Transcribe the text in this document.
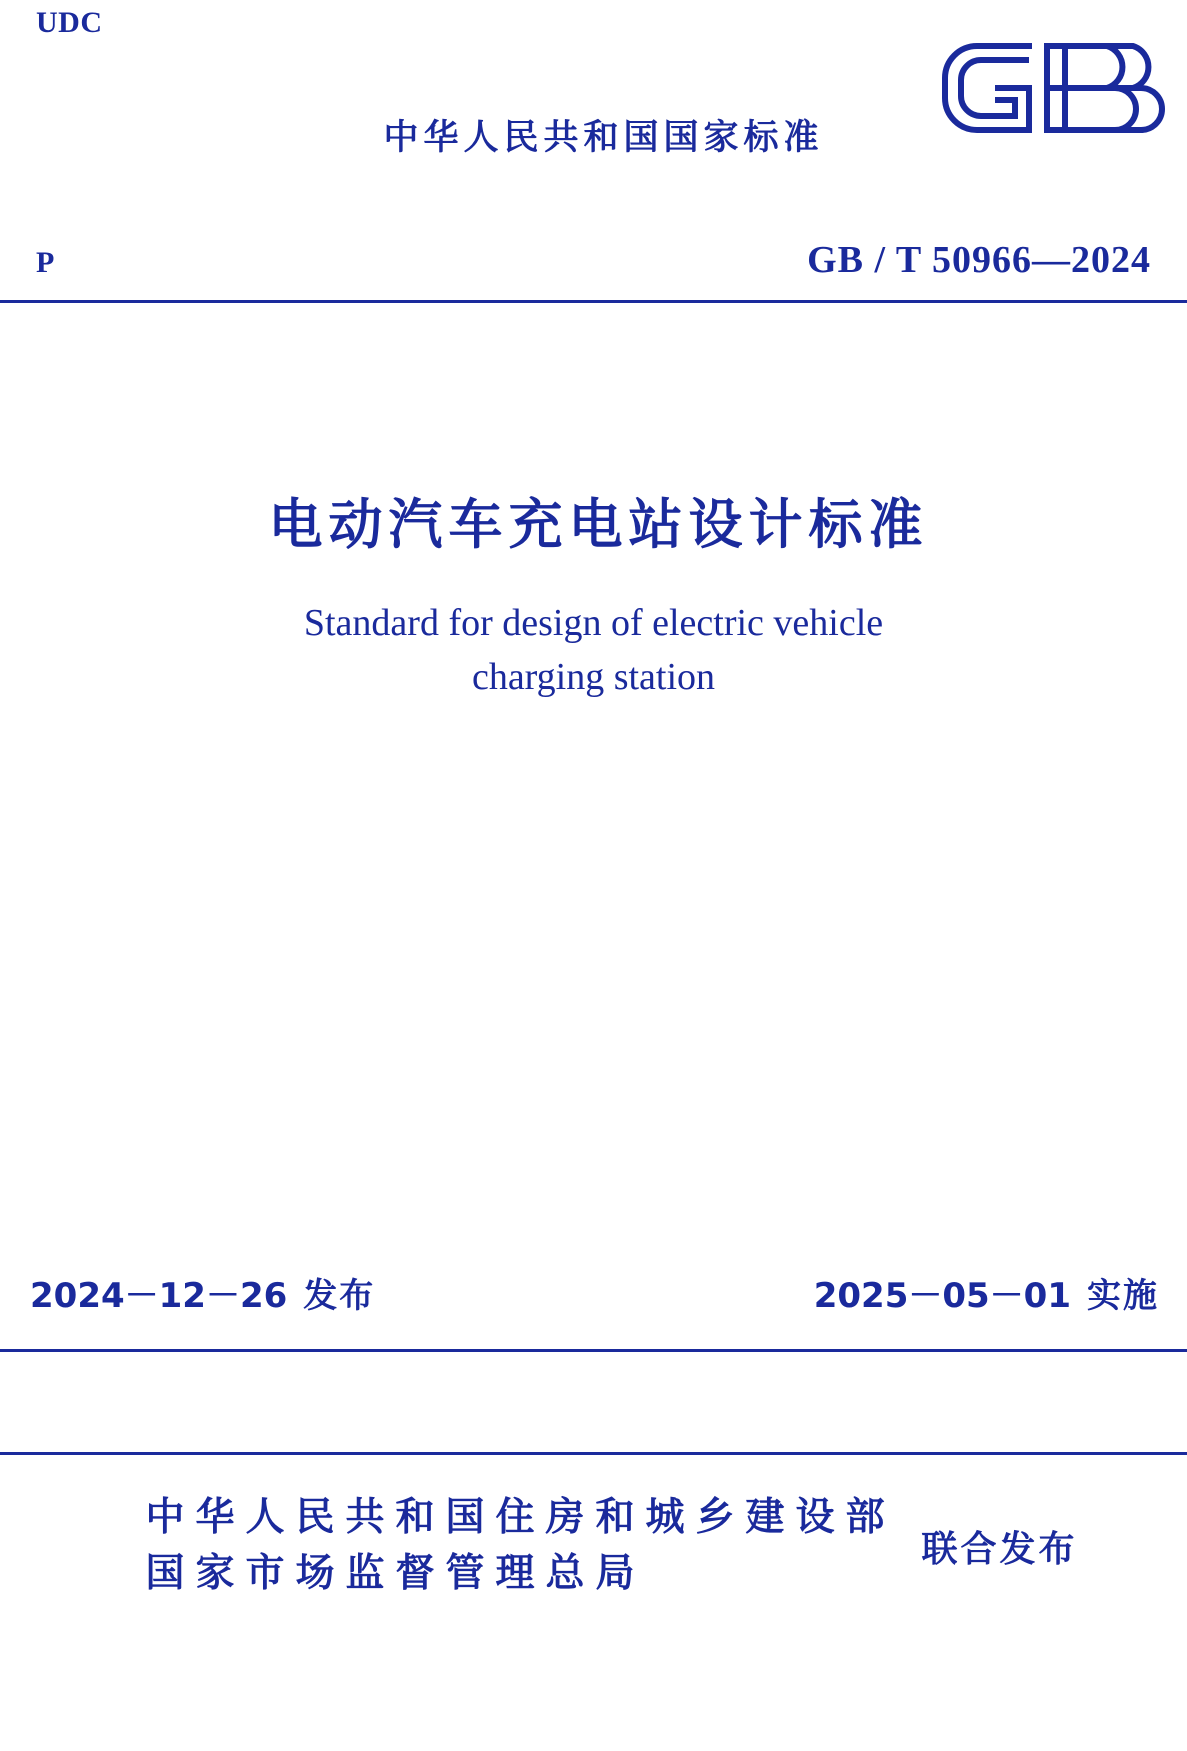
UDC
中华人民共和国国家标准
P	GB / T 50966—2024
电动汽车充电站设计标准
Standard for design of electric vehicle
charging station
2024－12－26 发布	2025－05－01 实施
中华人民共和国住房和城乡建设部
国家市场监督管理总局
联合发布
